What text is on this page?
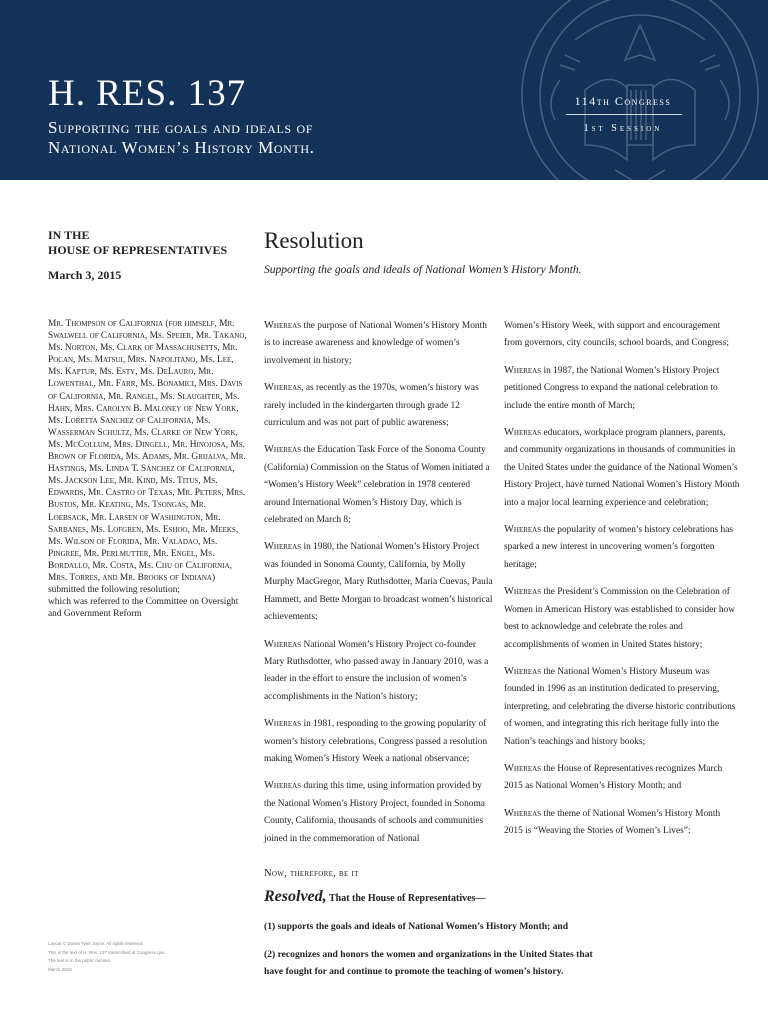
H. RES. 137
Supporting the goals and ideals of
National Women’s History Month.
114th Congress
1st Session
IN THE
HOUSE OF REPRESENTATIVES
March 3, 2015
Resolution
Supporting the goals and ideals of National Women’s History Month.
Mr. Thompson of California (for himself, Mr. Swalwell of California, Ms. Speier, Mr. Takano, Ms. Norton, Ms. Clark of Massachusetts, Mr. Pocan, Ms. Matsui, Mrs. Napolitano, Ms. Lee, Ms. Kaptur, Ms. Esty, Ms. DeLauro, Mr. Lowenthal, Mr. Farr, Ms. Bonamici, Mrs. Davis of California, Mr. Rangel, Ms. Slaughter, Ms. Hahn, Mrs. Carolyn B. Maloney of New York, Ms. Loretta Sanchez of California, Ms. Wasserman Schultz, Ms. Clarke of New York, Ms. McCollum, Mrs. Dingell, Mr. Hinojosa, Ms. Brown of Florida, Ms. Adams, Mr. Grijalva, Mr. Hastings, Ms. Linda T. Sánchez of California, Ms. Jackson Lee, Mr. Kind, Ms. Titus, Ms. Edwards, Mr. Castro of Texas, Mr. Peters, Mrs. Bustos, Mr. Keating, Ms. Tsongas, Mr. Loebsack, Mr. Larsen of Washington, Mr. Sarbanes, Ms. Lofgren, Ms. Eshoo, Mr. Meeks, Ms. Wilson of Florida, Mr. Valadao, Ms. Pingree, Mr. Perlmutter, Mr. Engel, Ms. Bordallo, Mr. Costa, Ms. Chu of California, Mrs. Torres, and Mr. Brooks of Indiana)
submitted the following resolution;
which was referred to the Committee on Oversight and Government Reform

Whereas the purpose of National Women’s History Month is to increase awareness and knowledge of women’s involvement in history;

Whereas, as recently as the 1970s, women’s history was rarely included in the kindergarten through grade 12 curriculum and was not part of public awareness;

Whereas the Education Task Force of the Sonoma County (California) Commission on the Status of Women initiated a “Women’s History Week” celebration in 1978 centered around International Women’s History Day, which is celebrated on March 8;

Whereas in 1980, the National Women’s History Project was founded in Sonoma County, California, by Molly Murphy MacGregor, Mary Ruthsdotter, Maria Cuevas, Paula Hammett, and Bette Morgan to broadcast women’s historical achievements;

Whereas National Women’s History Project co-founder Mary Ruthsdotter, who passed away in January 2010, was a leader in the effort to ensure the inclusion of women’s accomplishments in the Nation’s history;

Whereas in 1981, responding to the growing popularity of women’s history celebrations, Congress passed a resolution making Women’s History Week a national observance;

Whereas during this time, using information provided by the National Women’s History Project, founded in Sonoma County, California, thousands of schools and communities joined in the commemoration of National

Women’s History Week, with support and encouragement from governors, city councils, school boards, and Congress;

Whereas in 1987, the National Women’s History Project petitioned Congress to expand the national celebration to include the entire month of March;

Whereas educators, workplace program planners, parents, and community organizations in thousands of communities in the United States under the guidance of the National Women’s History Project, have turned National Women’s History Month into a major local learning experience and celebration;

Whereas the popularity of women’s history celebrations has sparked a new interest in uncovering women’s forgotten heritage;

Whereas the President’s Commission on the Celebration of Women in American History was established to consider how best to acknowledge and celebrate the roles and accomplishments of women in United States history;

Whereas the National Women’s History Museum was founded in 1996 as an institution dedicated to preserving, interpreting, and celebrating the diverse historic contributions of women, and integrating this rich heritage fully into the Nation’s teachings and history books;

Whereas the House of Representatives recognizes March 2015 as National Women’s History Month; and

Whereas the theme of National Women’s History Month 2015 is “Weaving the Stories of Women’s Lives”:

Now, therefore, be it
Resolved, That the House of Representatives—
(1) supports the goals and ideals of National Women’s History Month; and
(2) recognizes and honors the women and organizations in the United States that have fought for and continue to promote the teaching of women’s history.
Layout © Dustin Tyler Joyce. All rights reserved.
This is the text of H. Res. 137 transcribed at Congress.gov.
The text is in the public domain.
March 2015
